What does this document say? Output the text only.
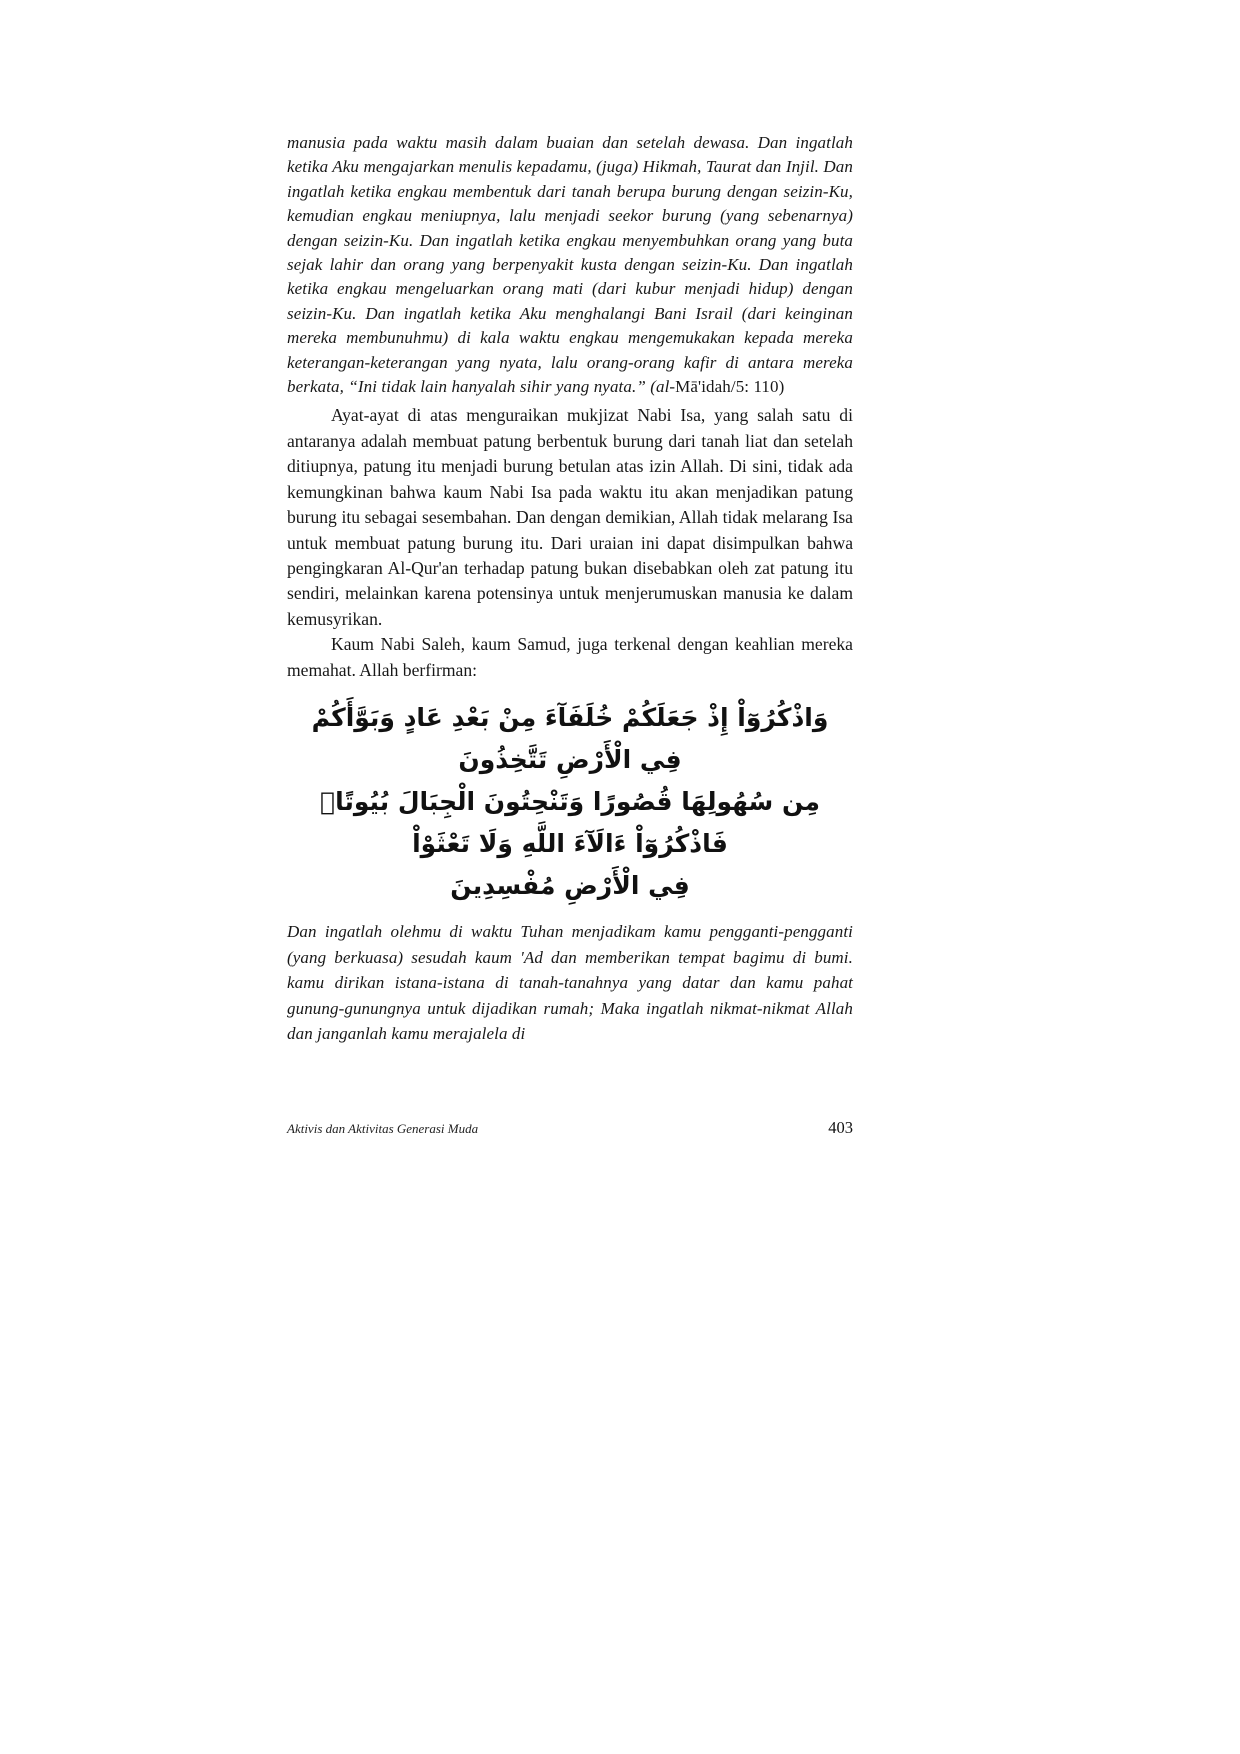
manusia pada waktu masih dalam buaian dan setelah dewasa. Dan ingatlah ketika Aku mengajarkan menulis kepadamu, (juga) Hikmah, Taurat dan Injil. Dan ingatlah ketika engkau membentuk dari tanah berupa burung dengan seizin-Ku, kemudian engkau meniupnya, lalu menjadi seekor burung (yang sebenarnya) dengan seizin-Ku. Dan ingatlah ketika engkau menyembuhkan orang yang buta sejak lahir dan orang yang berpenyakit kusta dengan seizin-Ku. Dan ingatlah ketika engkau mengeluarkan orang mati (dari kubur menjadi hidup) dengan seizin-Ku. Dan ingatlah ketika Aku menghalangi Bani Israil (dari keinginan mereka membunuhmu) di kala waktu engkau mengemukakan kepada mereka keterangan-keterangan yang nyata, lalu orang-orang kafir di antara mereka berkata, “Ini tidak lain hanyalah sihir yang nyata.” (al-Mā'idah/5: 110)

Ayat-ayat di atas menguraikan mukjizat Nabi Isa, yang salah satu di antaranya adalah membuat patung berbentuk burung dari tanah liat dan setelah ditiupnya, patung itu menjadi burung betulan atas izin Allah. Di sini, tidak ada kemungkinan bahwa kaum Nabi Isa pada waktu itu akan menjadikan patung burung itu sebagai sesembahan. Dan dengan demikian, Allah tidak melarang Isa untuk membuat patung burung itu. Dari uraian ini dapat disimpulkan bahwa pengingkaran Al-Qur'an terhadap patung bukan disebabkan oleh zat patung itu sendiri, melainkan karena potensinya untuk menjerumuskan manusia ke dalam kemusyrikan.

Kaum Nabi Saleh, kaum Samud, juga terkenal dengan keahlian mereka memahat. Allah berfirman:

وَاذْكُرُوٓاْ إِذْ جَعَلَكُمْ خُلَفَآءَ مِنْ بَعْدِ عَادٍ وَبَوَّأَكُمْ فِي الْأَرْضِ تَتَّخِذُونَ
مِن سُهُولِهَا قُصُورًا وَتَنْحِتُونَ الْجِبَالَ بُيُوتًاۖ فَاذْكُرُوٓاْ ءَالَآءَ اللَّهِ وَلَا تَعْثَوْاْ
فِي الْأَرْضِ مُفْسِدِينَ

Dan ingatlah olehmu di waktu Tuhan menjadikam kamu pengganti-pengganti (yang berkuasa) sesudah kaum 'Ad dan memberikan tempat bagimu di bumi. kamu dirikan istana-istana di tanah-tanahnya yang datar dan kamu pahat gunung-gunungnya untuk dijadikan rumah; Maka ingatlah nikmat-nikmat Allah dan janganlah kamu merajalela di

Aktivis dan Aktivitas Generasi Muda	403
